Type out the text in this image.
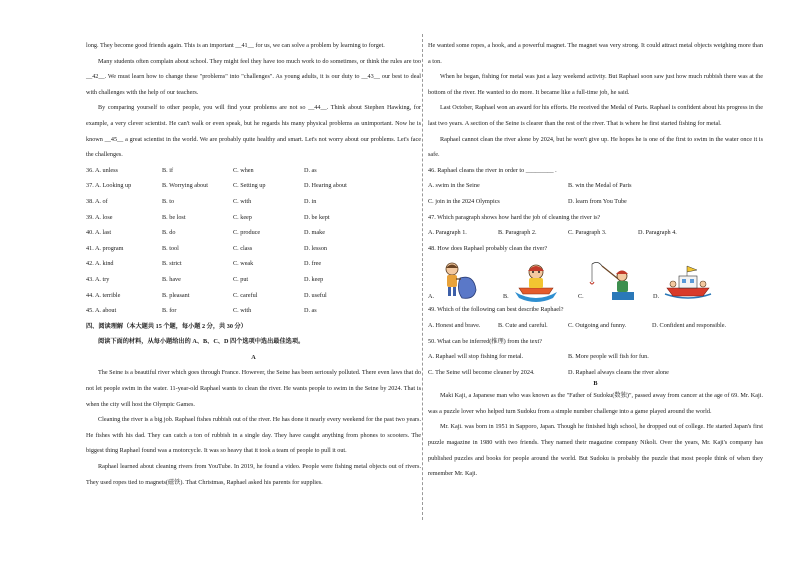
long. They become good friends again. This is an important __41__ for us, we can solve a problem by learning to forget.

Many students often complain about school. They might feel they have too much work to do sometimes, or think the rules are too __42__. We must learn how to change these "problems" into "challenges". As young adults, it is our duty to __43__ our best to deal with challenges with the help of our teachers.

By comparing yourself to other people, you will find your problems are not so __44__. Think about Stephen Hawking, for example, a very clever scientist. He can't walk or even speak, but he regards his many physical problems as unimportant. Now he is known __45__ a great scientist in the world. We are probably quite healthy and smart. Let's not worry about our problems. Let's face the challenges.

36. A. unless	B. if	C. when	D. as
37. A. Looking up	B. Worrying about	C. Setting up	D. Hearing about
38. A. of	B. to	C. with	D. in
39. A. lose	B. be lost	C. keep	D. be kept
40. A. last	B. do	C. produce	D. make
41. A. program	B. tool	C. class	D. lesson
42. A. kind	B. strict	C. weak	D. free
43. A. try	B. have	C. put	D. keep
44. A. terrible	B. pleasant	C. careful	D. useful
45. A. about	B. for	C. with	D. as

四、阅读理解（本大题共 15 个题，每小题 2 分，共 30 分）

阅读下面的材料，从每小题给出的 A、B、C、D 四个选项中选出最佳选项。

A

The Seine is a beautiful river which goes through France. However, the Seine has been seriously polluted. There even laws that do not let people swim in the water. 11-year-old Raphael wants to clean the river. He wants people to swim in the Seine by 2024. That is when the city will host the Olympic Games.

Cleaning the river is a big job. Raphael fishes rubbish out of the river. He has done it nearly every weekend for the past two years. He fishes with his dad. They can catch a ton of rubbish in a single day. They have caught anything from phones to scooters. The biggest thing Raphael found was a motorcycle. It was so heavy that it took a team of people to pull it out.

Raphael learned about cleaning rivers from YouTube. In 2019, he found a video. People were fishing metal objects out of rivers. They used ropes tied to magnets(磁铁). That Christmas, Raphael asked his parents for supplies.

He wanted some ropes, a hook, and a powerful magnet. The magnet was very strong. It could attract metal objects weighing more than a ton.

When he began, fishing for metal was just a lazy weekend activity. But Raphael soon saw just how much rubbish there was at the bottom of the river. He wanted to do more. It became like a full-time job, he said.

Last October, Raphael won an award for his efforts. He received the Medal of Paris. Raphael is confident about his progress in the last two years. A section of the Seine is clearer than the rest of the river. That is where he first started fishing for metal.

Raphael cannot clean the river alone by 2024, but he won't give up. He hopes he is one of the first to swim in the water once it is safe.

46. Raphael cleans the river in order to _________ .

A. swim in the Seine	B. win the Medal of Paris
C. join in the 2024 Olympics	D. learn from You Tube

47. Which paragraph shows how hard the job of cleaning the river is?

A. Paragraph 1.	B. Paragraph 2.	C. Paragraph 3.	D. Paragraph 4.

48. How does Raphael probably clean the river?

A.	B.	C.	D.

49. Which of the following can best describe Raphael?

A. Honest and brave.	B. Cute and careful.	C. Outgoing and funny.	D. Confident and responsible.

50. What can be inferred(推理) from the text?

A. Raphael will stop fishing for metal.	B. More people will fish for fun.
C. The Seine will become cleaner by 2024.	D. Raphael always cleans the river alone

B

Maki Kaji, a Japanese man who was known as the "Father of Sudoku(数独)", passed away from cancer at the age of 69. Mr. Kaji. was a puzzle lover who helped turn Sudoku from a simple number challenge into a game played around the world.

Mr. Kaji. was born in 1951 in Sapporo, Japan. Though he finished high school, he dropped out of college. He started Japan's first puzzle magazine in 1980 with two friends. They named their magazine company Nikoli. Over the years, Mr. Kaji's company has published puzzles and books for people around the world. But Sudoku is probably the puzzle that most people think of when they remember Mr. Kaji.
